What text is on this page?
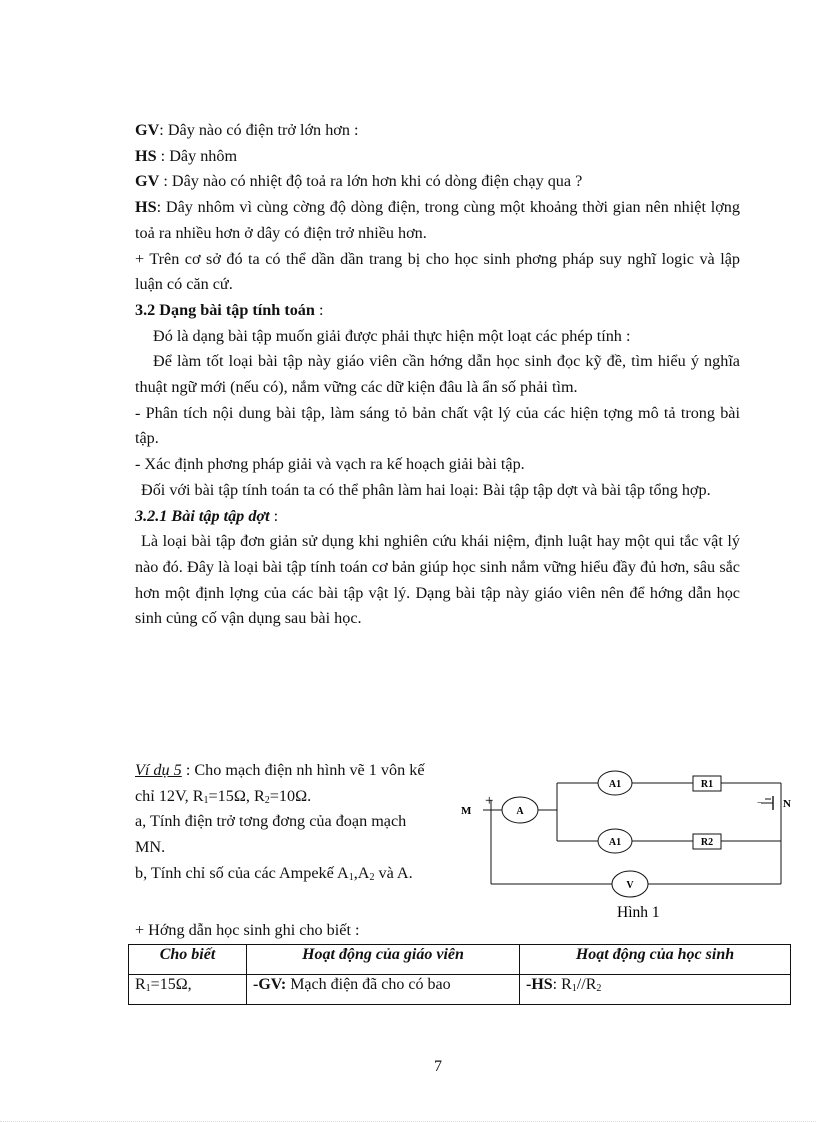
GV: Dây nào có điện trở lớn hơn :

HS : Dây nhôm

GV : Dây nào có nhiệt độ toả ra lớn hơn khi có dòng điện chạy qua ?

HS: Dây nhôm vì cùng cờng độ dòng điện, trong cùng một khoảng thời gian nên nhiệt lợng toả ra nhiều hơn ở dây có điện trở nhiều hơn.

+ Trên cơ sở đó ta có thể dần dần trang bị cho học sinh phơng pháp suy nghĩ logic và lập luận có căn cứ.

3.2 Dạng bài tập tính toán :

Đó là dạng bài tập muốn giải được phải thực hiện một loạt các phép tính :

Để làm tốt loại bài tập này giáo viên cần hớng dẫn học sinh đọc kỹ đề, tìm hiểu ý nghĩa thuật ngữ mới (nếu có), nắm vững các dữ kiện đâu là ẩn số phải tìm.

- Phân tích nội dung bài tập, làm sáng tỏ bản chất vật lý của các hiện tợng mô tả trong bài tập.

- Xác định phơng pháp giải và vạch ra kế hoạch giải bài tập.

Đối với bài tập tính toán ta có thể phân làm hai loại: Bài tập tập dợt và bài tập tổng hợp.

3.2.1 Bài tập tập dợt :

Là loại bài tập đơn giản sử dụng khi nghiên cứu khái niệm, định luật hay một qui tắc vật lý nào đó. Đây là loại bài tập tính toán cơ bản giúp học sinh nắm vững hiểu đầy đủ hơn, sâu sắc hơn một định lợng của các bài tập vật lý. Dạng bài tập này giáo viên nên để hớng dẫn học sinh củng cố vận dụng sau bài học.

Ví dụ 5 : Cho mạch điện nh hình vẽ 1 vôn kế chỉ 12V, $R_1=15\Omega$, $R_2=10\Omega$.

a, Tính điện trở tơng đơng của đoạn mạch MN.

b, Tính chỉ số của các Ampekế $A_1,A_2$ và A.

A1	R1
A1	R2
A
V
M
N
+	−
Hình 1
+ Hớng dẫn học sinh ghi cho biết :
Cho biết	Hoạt động của giáo viên	Hoạt động của học sinh
$R_1=15\Omega$,	-GV: Mạch điện đã cho có bao	-HS: $R_1//R_2$
7
